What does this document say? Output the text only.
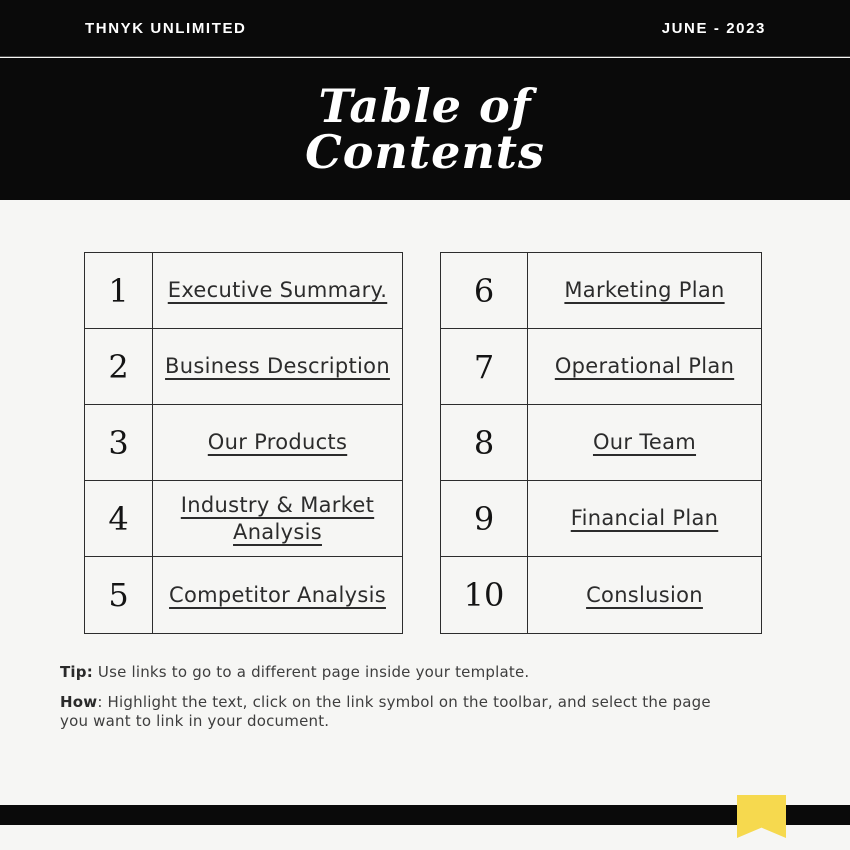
THNYK UNLIMITED	JUNE - 2023
Table of
Contents
1	Executive Summary.
2	Business Description
3	Our Products
4	Industry & Market Analysis
5	Competitor Analysis
6	Marketing Plan
7	Operational Plan
8	Our Team
9	Financial Plan
10	Conslusion

Tip: Use links to go to a different page inside your template.

How: Highlight the text, click on the link symbol on the toolbar, and select the page you want to link in your document.
